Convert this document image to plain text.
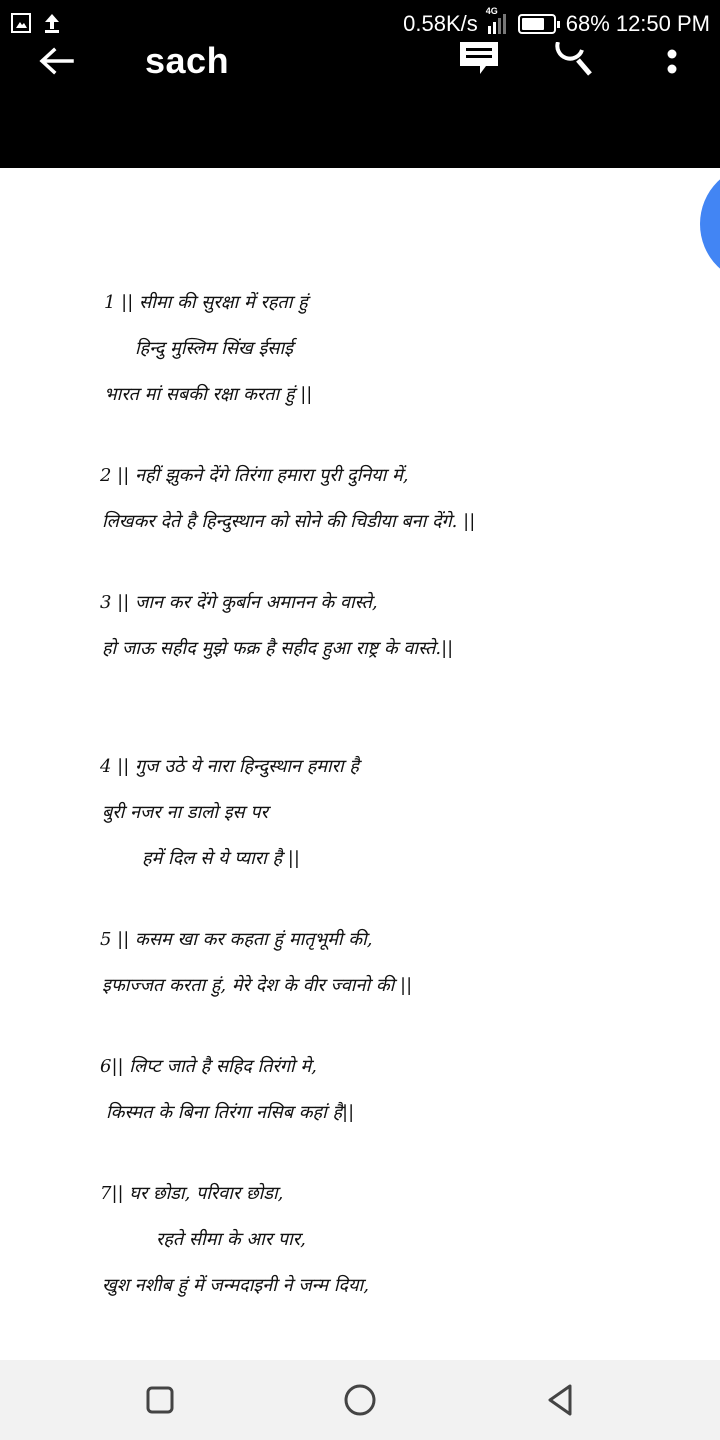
0.58K/s 4G	68% 12:50 PM
sach
1 || सीमा की सुरक्षा में रहता हुं
हिन्दु मुस्लिम सिंख ईसाई
भारत मां सबकी रक्षा करता हुं ||
2 || नहीं झुकने देंगे तिरंगा हमारा पुरी दुनिया में,
लिखकर देते है हिन्दुस्थान को सोने की चिडीया बना देंगे. ||
3 || जान कर देंगे कुर्बान अमानन के वास्ते,
हो जाऊ सहीद मुझे फक्र है सहीद हुआ राष्ट्र के वास्ते.||
4 || गुज उठे ये नारा हिन्दुस्थान हमारा है
बुरी नजर ना डालो इस पर
हमें दिल से ये प्यारा है ||
5 || कसम खा कर कहता हुं मातृभूमी की,
इफाज्जत करता हुं, मेरे देश के वीर ज्वानो की ||
6|| लिप्ट जाते है सहिद तिरंगो मे,
किस्मत के बिना तिरंगा नसिब कहां है||
7|| घर छोडा, परिवार छोडा,
रहते सीमा के आर पार,
खुश नशीब हुं में जन्मदाइनी ने जन्म दिया,
